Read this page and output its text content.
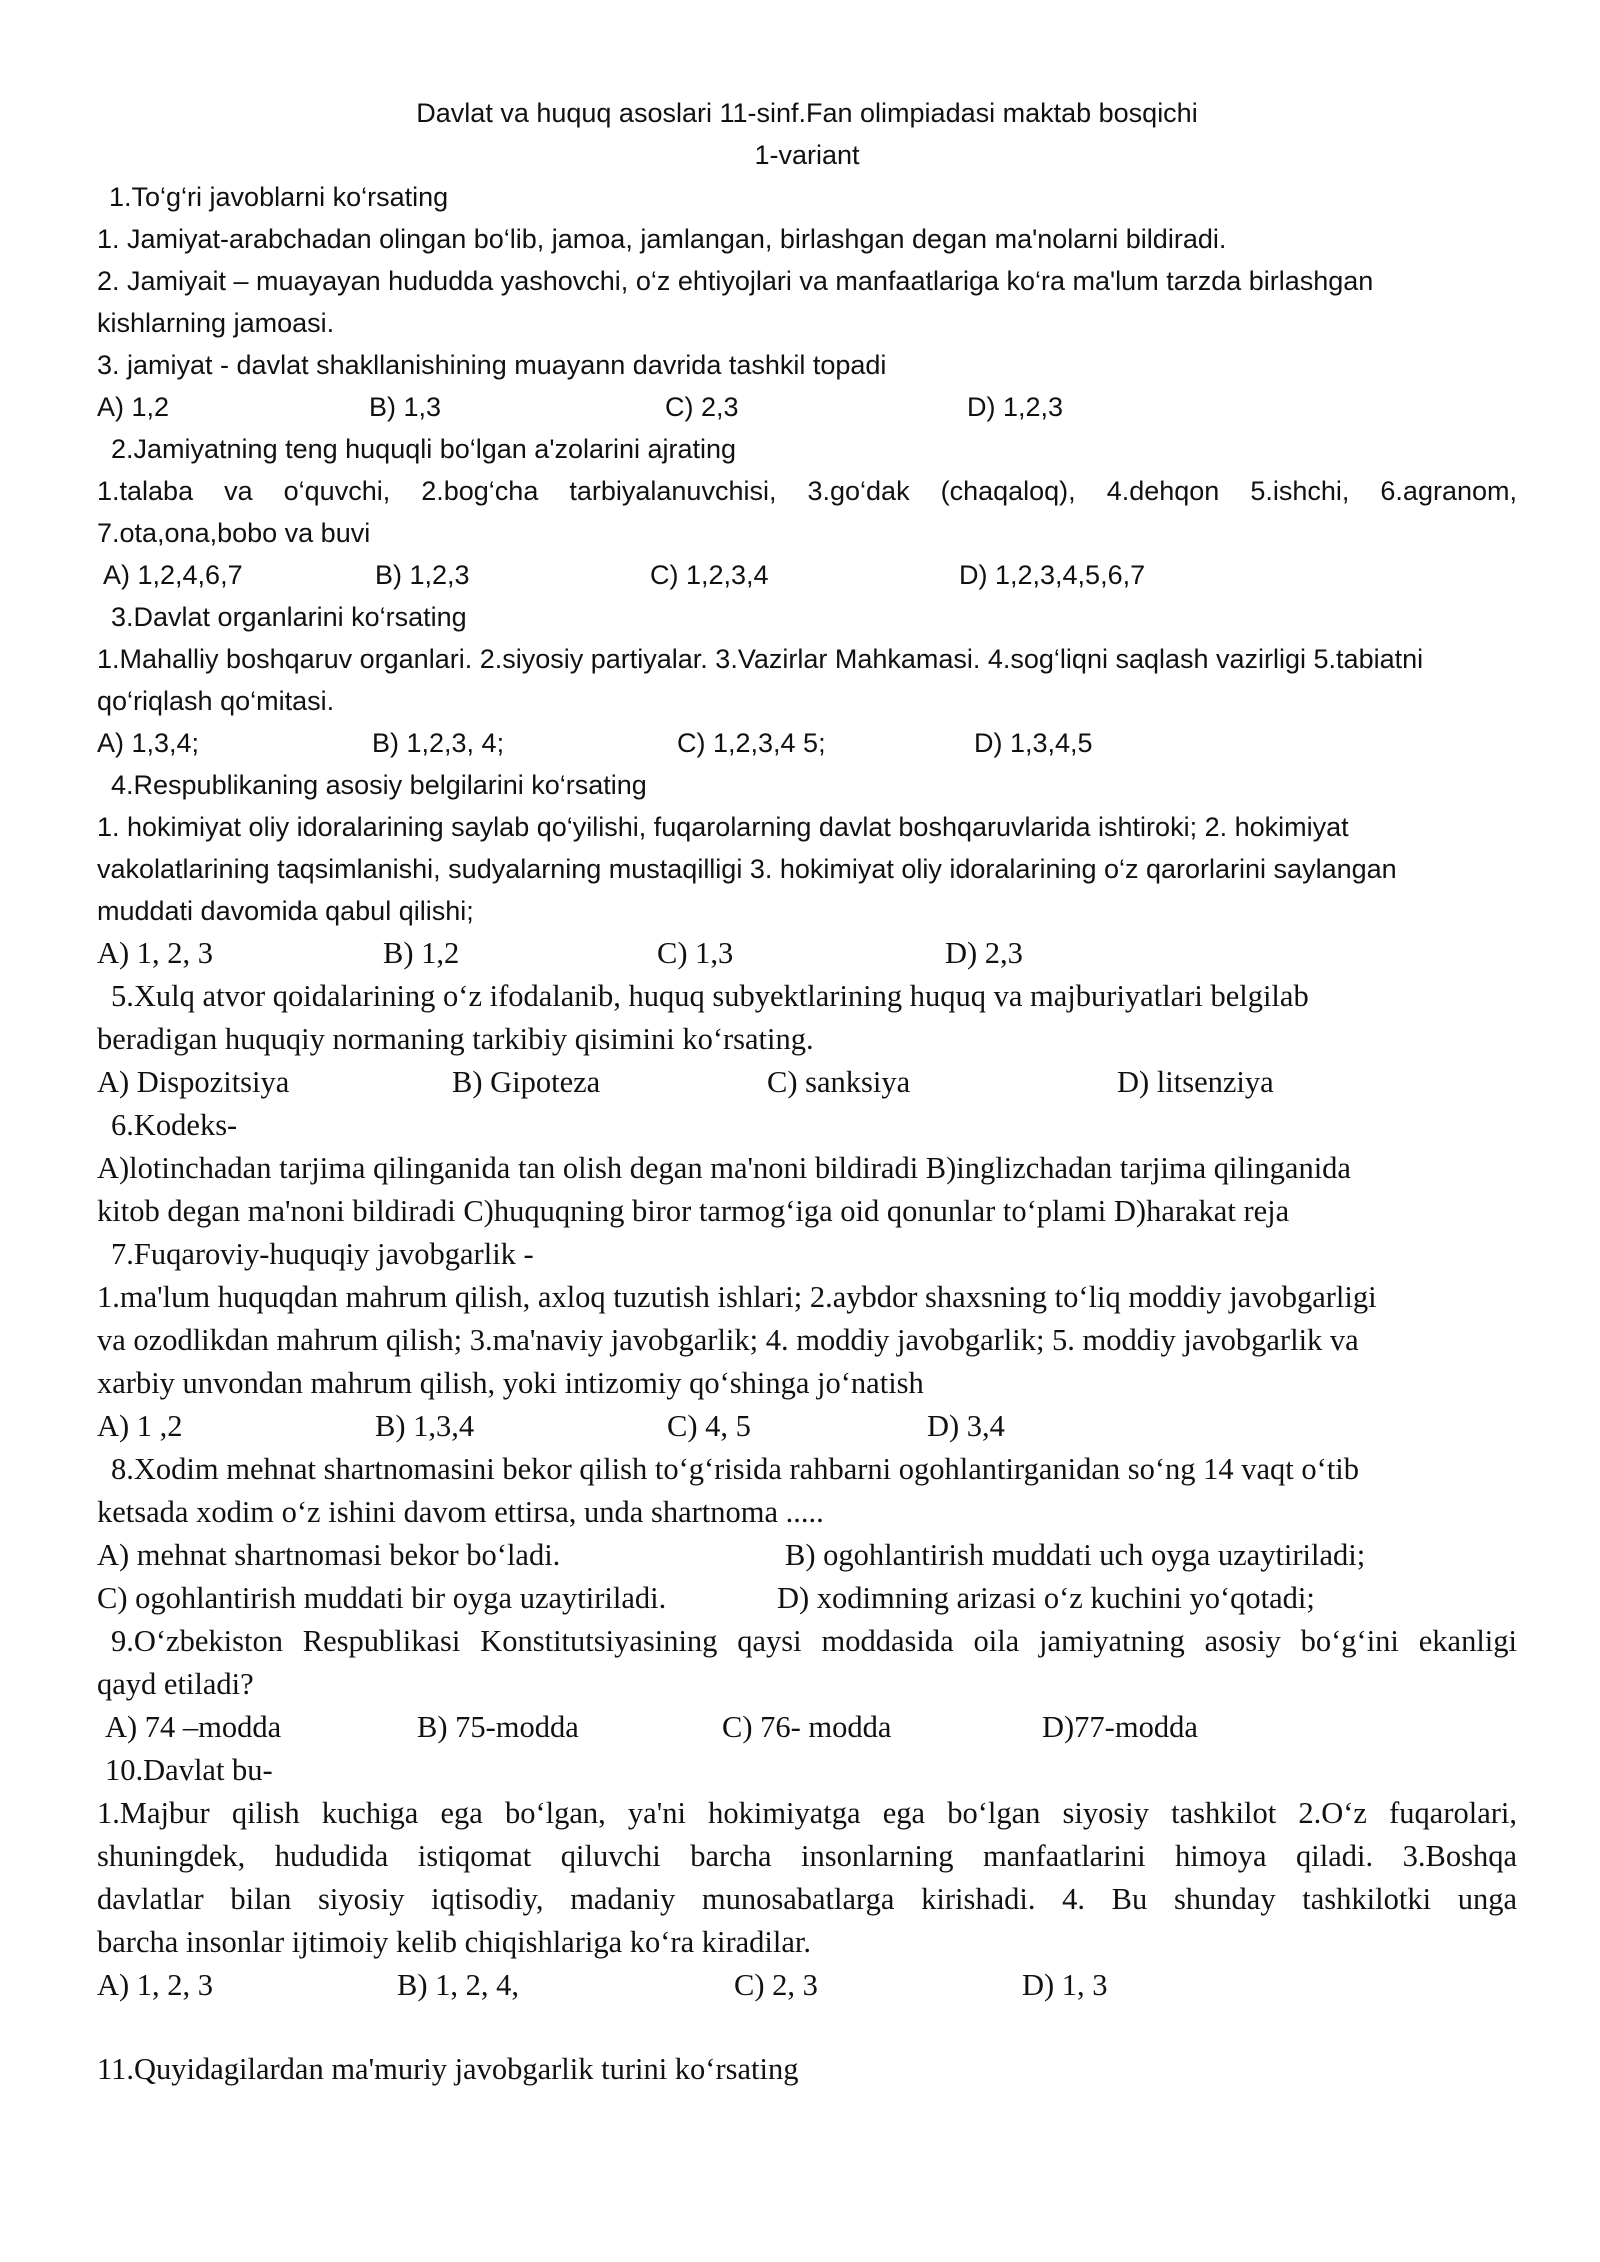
Davlat va huquq asoslari 11-sinf.Fan olimpiadasi maktab bosqichi
1-variant
1.To‘g‘ri javoblarni ko‘rsating
1. Jamiyat-arabchadan olingan bo‘lib, jamoa, jamlangan, birlashgan degan ma'nolarni bildiradi.
2. Jamiyait – muayayan hududda yashovchi, o‘z ehtiyojlari va manfaatlariga ko‘ra ma'lum tarzda birlashgan
kishlarning jamoasi.
3. jamiyat - davlat shakllanishining muayann davrida tashkil topadi
A) 1,2	B) 1,3	C) 2,3	D) 1,2,3
2.Jamiyatning teng huquqli bo‘lgan a'zolarini ajrating
1.talaba va o‘quvchi, 2.bog‘cha tarbiyalanuvchisi, 3.go‘dak (chaqaloq), 4.dehqon 5.ishchi, 6.agranom,
7.ota,ona,bobo va buvi
A) 1,2,4,6,7	B) 1,2,3	C) 1,2,3,4	D) 1,2,3,4,5,6,7
3.Davlat organlarini ko‘rsating
1.Mahalliy boshqaruv organlari. 2.siyosiy partiyalar. 3.Vazirlar Mahkamasi. 4.sog‘liqni saqlash vazirligi 5.tabiatni
qo‘riqlash qo‘mitasi.
A) 1,3,4;	B) 1,2,3, 4;	C) 1,2,3,4 5;	D) 1,3,4,5
4.Respublikaning asosiy belgilarini ko‘rsating
1. hokimiyat oliy idoralarining saylab qo‘yilishi, fuqarolarning davlat boshqaruvlarida ishtiroki; 2. hokimiyat
vakolatlarining taqsimlanishi, sudyalarning mustaqilligi 3. hokimiyat oliy idoralarining o‘z qarorlarini saylangan
muddati davomida qabul qilishi;
A) 1, 2, 3	B) 1,2	C) 1,3	D) 2,3
5.Xulq atvor qoidalarining o‘z ifodalanib, huquq subyektlarining huquq va majburiyatlari belgilab
beradigan huquqiy normaning tarkibiy qisimini ko‘rsating.
A) Dispozitsiya	B) Gipoteza	C) sanksiya	D) litsenziya
6.Kodeks-
A)lotinchadan tarjima qilinganida tan olish degan ma'noni bildiradi B)inglizchadan tarjima qilinganida
kitob degan ma'noni bildiradi C)huquqning biror tarmog‘iga oid qonunlar to‘plami D)harakat reja
7.Fuqaroviy-huquqiy javobgarlik -
1.ma'lum huquqdan mahrum qilish, axloq tuzutish ishlari; 2.aybdor shaxsning to‘liq moddiy javobgarligi
va ozodlikdan mahrum qilish; 3.ma'naviy javobgarlik; 4. moddiy javobgarlik; 5. moddiy javobgarlik va
xarbiy unvondan mahrum qilish, yoki intizomiy qo‘shinga jo‘natish
A) 1 ,2	B) 1,3,4	C) 4, 5	D) 3,4
8.Xodim mehnat shartnomasini bekor qilish to‘g‘risida rahbarni ogohlantirganidan so‘ng 14 vaqt o‘tib
ketsada xodim o‘z ishini davom ettirsa, unda shartnoma .....
A) mehnat shartnomasi bekor bo‘ladi.	B) ogohlantirish muddati uch oyga uzaytiriladi;
C) ogohlantirish muddati bir oyga uzaytiriladi.	D) xodimning arizasi o‘z kuchini yo‘qotadi;
9.O‘zbekiston Respublikasi Konstitutsiyasining qaysi moddasida oila jamiyatning asosiy bo‘g‘ini ekanligi
qayd etiladi?
A) 74 –modda	B) 75-modda	C) 76- modda	D)77-modda
10.Davlat bu-
1.Majbur qilish kuchiga ega bo‘lgan, ya'ni hokimiyatga ega bo‘lgan siyosiy tashkilot 2.O‘z fuqarolari,
shuningdek, hududida istiqomat qiluvchi barcha insonlarning manfaatlarini himoya qiladi. 3.Boshqa
davlatlar bilan siyosiy iqtisodiy, madaniy munosabatlarga kirishadi. 4. Bu shunday tashkilotki unga
barcha insonlar ijtimoiy kelib chiqishlariga ko‘ra kiradilar.
A) 1, 2, 3	B) 1, 2, 4,	C) 2, 3	D) 1, 3
11.Quyidagilardan ma'muriy javobgarlik turini ko‘rsating
